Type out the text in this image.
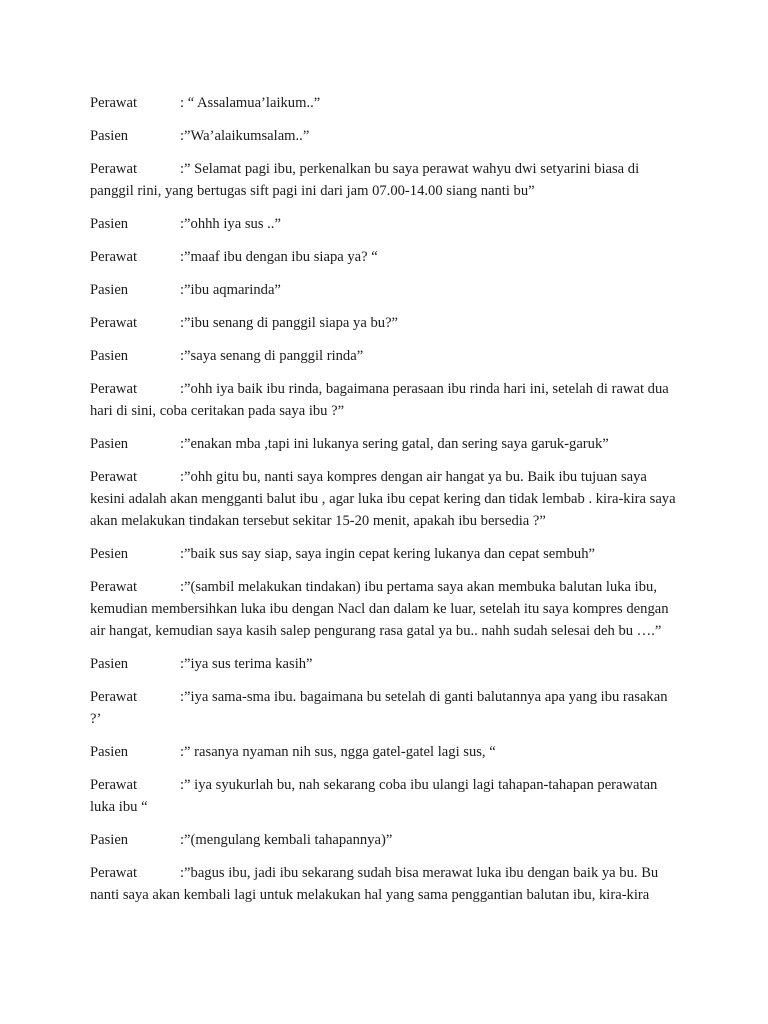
Perawat	: “ Assalamua’laikum..”

Pasien	:”Wa’alaikumsalam..”

Perawat	:” Selamat pagi ibu, perkenalkan bu saya perawat wahyu dwi setyarini biasa di panggil rini, yang bertugas sift pagi ini dari jam 07.00-14.00 siang nanti bu”

Pasien	:”ohhh iya sus ..”

Perawat	:”maaf ibu dengan ibu siapa ya? “

Pasien	:”ibu aqmarinda”

Perawat	:”ibu senang di panggil siapa ya bu?”

Pasien	:”saya senang di panggil rinda”

Perawat	:”ohh iya baik ibu rinda, bagaimana perasaan ibu rinda hari ini, setelah di rawat dua hari di sini, coba ceritakan pada saya ibu ?”

Pasien	:”enakan mba ,tapi ini lukanya sering gatal, dan sering saya garuk-garuk”

Perawat	:”ohh gitu bu, nanti saya kompres dengan air hangat ya bu. Baik ibu tujuan saya kesini adalah akan mengganti balut ibu , agar luka ibu cepat kering dan tidak lembab . kira-kira saya akan melakukan tindakan tersebut sekitar 15-20 menit, apakah ibu bersedia ?”

Pesien	:”baik sus say siap, saya ingin cepat kering lukanya dan cepat sembuh”

Perawat	:”(sambil melakukan tindakan) ibu pertama saya akan membuka balutan luka ibu, kemudian membersihkan luka ibu dengan Nacl dan dalam ke luar, setelah itu saya kompres dengan air hangat, kemudian saya kasih salep pengurang rasa gatal ya bu.. nahh sudah selesai deh bu ….”

Pasien	:”iya sus terima kasih”

Perawat	:”iya sama-sma ibu. bagaimana bu setelah di ganti balutannya apa yang ibu rasakan ?’

Pasien	:” rasanya nyaman nih sus, ngga gatel-gatel lagi sus, “

Perawat	:” iya syukurlah bu, nah sekarang coba ibu ulangi lagi tahapan-tahapan perawatan luka ibu “

Pasien	:”(mengulang kembali tahapannya)”

Perawat	:”bagus ibu, jadi ibu sekarang sudah bisa merawat luka ibu dengan baik ya bu. Bu nanti saya akan kembali lagi untuk melakukan hal yang sama penggantian balutan ibu, kira-kira
